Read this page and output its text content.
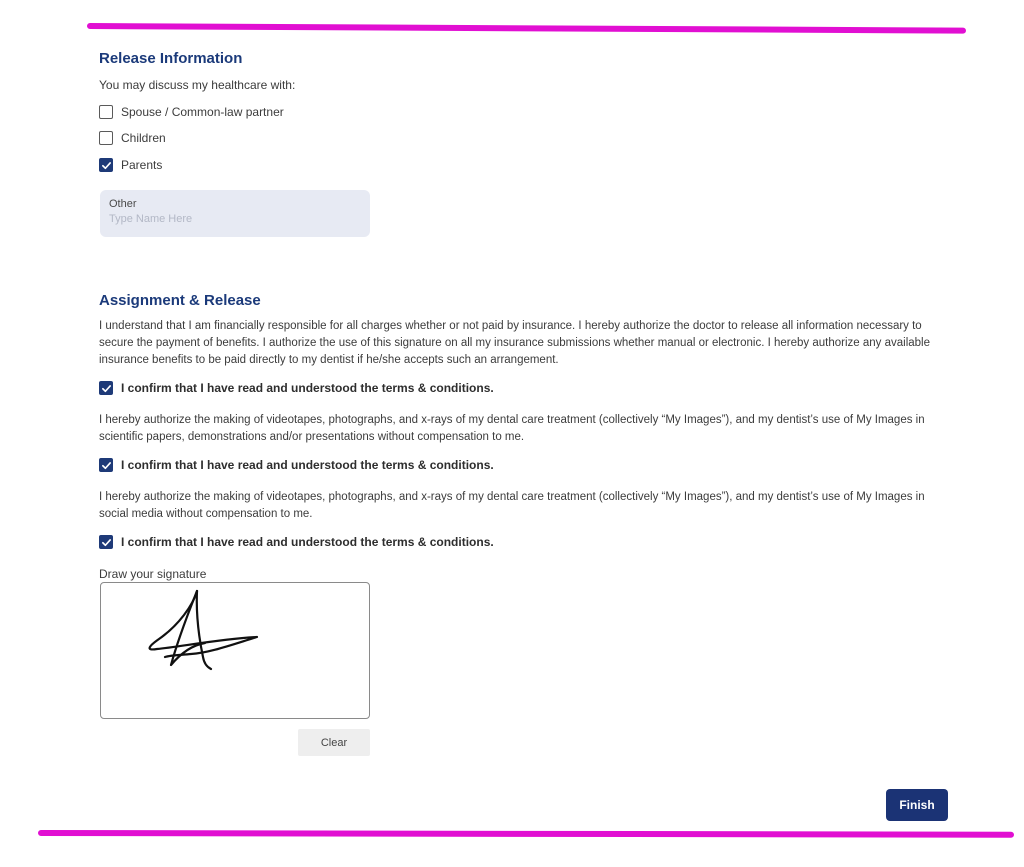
Release Information
You may discuss my healthcare with:
Spouse / Common-law partner
Children
Parents
Other
Type Name Here
Assignment & Release

I understand that I am financially responsible for all charges whether or not paid by insurance. I hereby authorize the doctor to release all information necessary to secure the payment of benefits. I authorize the use of this signature on all my insurance submissions whether manual or electronic. I hereby authorize any available insurance benefits to be paid directly to my dentist if he/she accepts such an arrangement.

I confirm that I have read and understood the terms & conditions.

I hereby authorize the making of videotapes, photographs, and x-rays of my dental care treatment (collectively “My Images”), and my dentist’s use of My Images in scientific papers, demonstrations and/or presentations without compensation to me.

I confirm that I have read and understood the terms & conditions.

I hereby authorize the making of videotapes, photographs, and x-rays of my dental care treatment (collectively “My Images”), and my dentist’s use of My Images in social media without compensation to me.

I confirm that I have read and understood the terms & conditions.
Draw your signature
Clear
Finish
